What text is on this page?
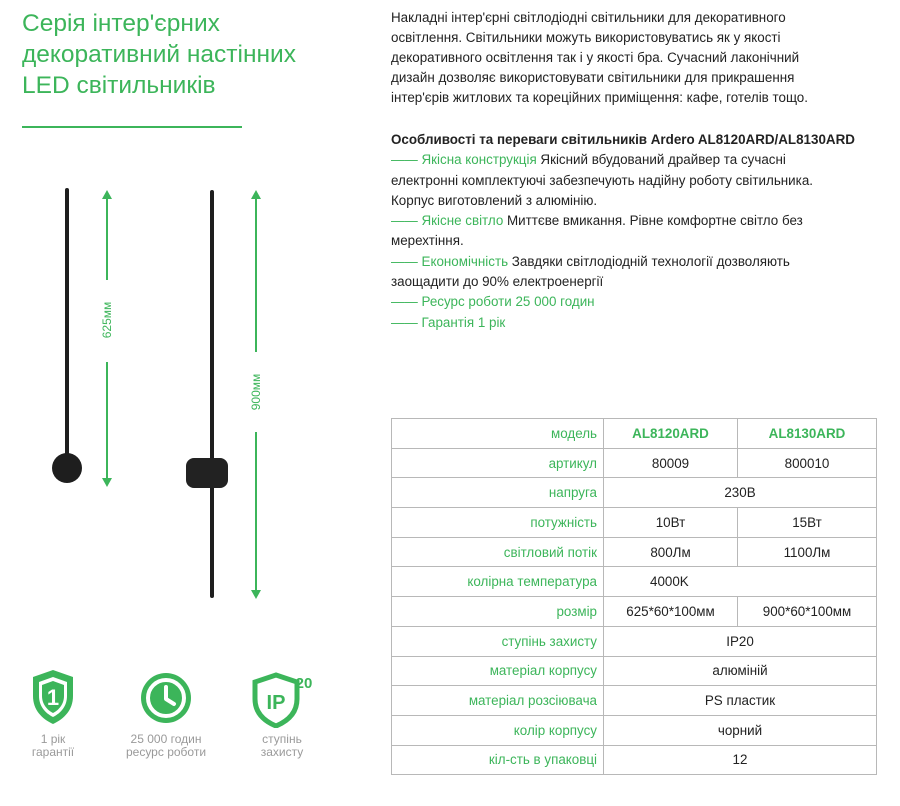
Серія інтер'єрних
декоративний настінних
LED світильників
Накладні інтер'єрні світлодіодні світильники для декоративного
освітлення. Світильники можуть використовуватись як у якості
декоративного освітлення так і у якості бра. Сучасний лаконічний
дизайн дозволяє використовувати світильники для прикрашення
інтер'єрів житлових та кореційних приміщення: кафе, готелів тощо.
Особливості та переваги світильників Ardero AL8120ARD/AL8130ARD
—— Якісна конструкція Якісний вбудований драйвер та сучасні
електронні комплектуючі забезпечують надійну роботу світильника.
Корпус виготовлений з алюмінію.
—— Якісне світло Миттєве вмикання. Рівне комфортне світло без
мерехтіння.
—— Економічність Завдяки світлодіодній технології дозволяють
заощадити до 90% електроенергії
—— Ресурс роботи 25 000 годин
—— Гарантія 1 рік
625мм
900мм
1
1 рік
гарантії
25 000 годин
ресурс роботи
IP
20
ступінь
захисту
модель	AL8120ARD	AL8130ARD
артикул	80009	800010
напруга	230В	
потужність	10Вт	15Вт
світловий потік	800Лм	1100Лм
колірна температура	4000K	
розмір	625*60*100мм	900*60*100мм
ступінь захисту	IP20	
матеріал корпусу	алюміній	
матеріал розсіювача	PS пластик	
колір корпусу	чорний	
кіл-сть в упаковці	12	
